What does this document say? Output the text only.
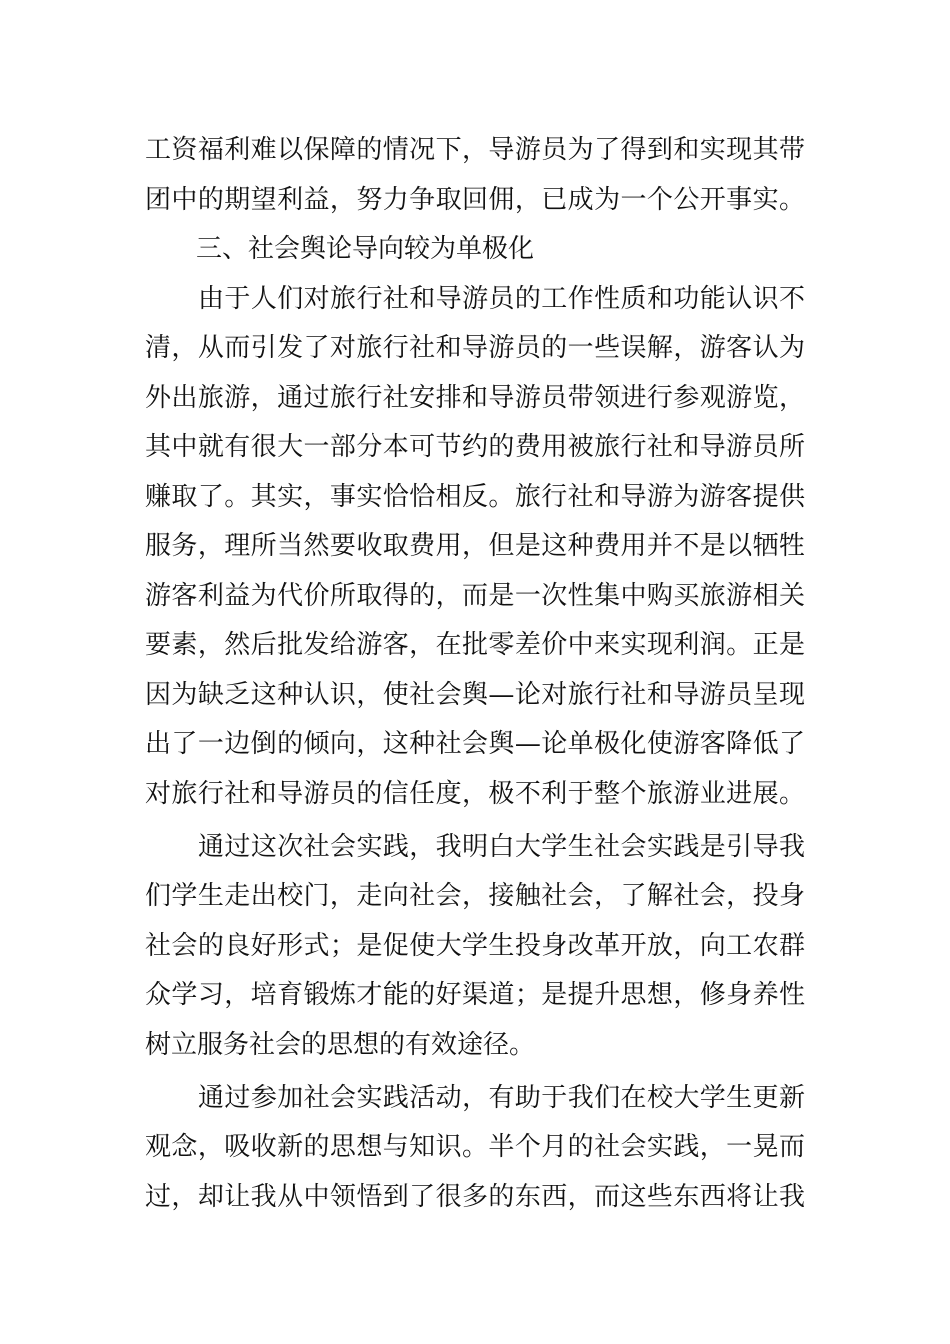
工资福利难以保障的情况下，导游员为了得到和实现其带
团中的期望利益，努力争取回佣，已成为一个公开事实。
三、社会舆论导向较为单极化
由于人们对旅行社和导游员的工作性质和功能认识不
清，从而引发了对旅行社和导游员的一些误解，游客认为
外出旅游，通过旅行社安排和导游员带领进行参观游览，
其中就有很大一部分本可节约的费用被旅行社和导游员所
赚取了。其实，事实恰恰相反。旅行社和导游为游客提供
服务，理所当然要收取费用，但是这种费用并不是以牺牲
游客利益为代价所取得的，而是一次性集中购买旅游相关
要素，然后批发给游客，在批零差价中来实现利润。正是
因为缺乏这种认识，使社会舆—论对旅行社和导游员呈现
出了一边倒的倾向，这种社会舆—论单极化使游客降低了
对旅行社和导游员的信任度，极不利于整个旅游业进展。
通过这次社会实践，我明白大学生社会实践是引导我
们学生走出校门，走向社会，接触社会，了解社会，投身
社会的良好形式；是促使大学生投身改革开放，向工农群
众学习，培育锻炼才能的好渠道；是提升思想，修身养性
树立服务社会的思想的有效途径。
通过参加社会实践活动，有助于我们在校大学生更新
观念，吸收新的思想与知识。半个月的社会实践，一晃而
过，却让我从中领悟到了很多的东西，而这些东西将让我
